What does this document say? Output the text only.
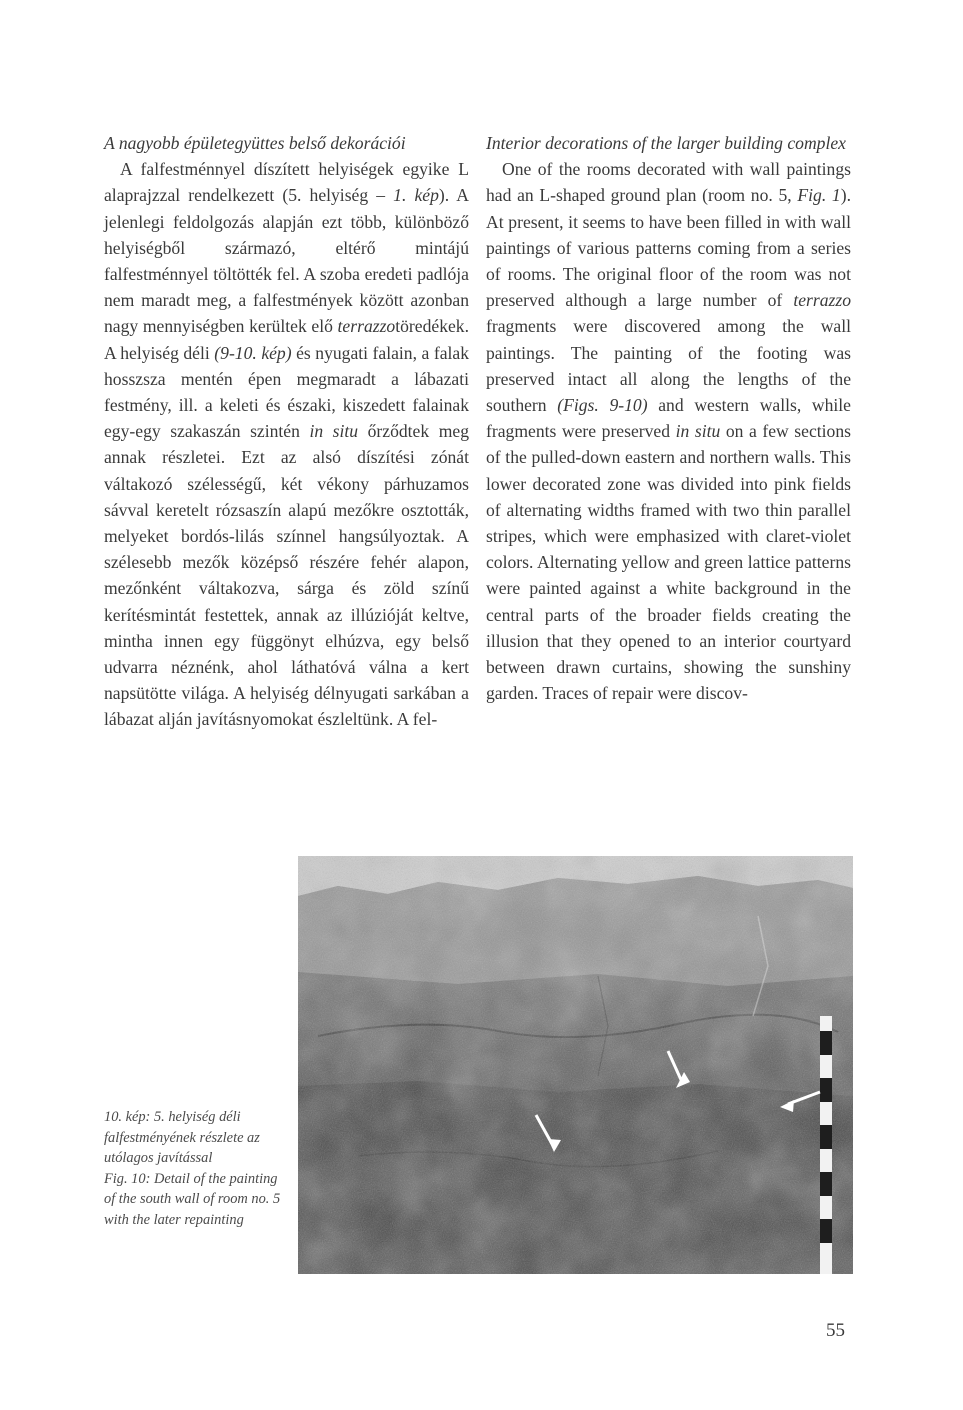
A nagyobb épületegyüttes belső dekorációi

A falfestménnyel díszített helyiségek egyike L alaprajzzal rendelkezett (5. helyiség – 1. kép). A jelenlegi feldolgozás alapján ezt több, különböző helyiségből származó, eltérő mintájú falfestménnyel töltötték fel. A szoba eredeti padlója nem maradt meg, a falfestmények között azonban nagy mennyiségben kerültek elő terrazzotöredékek. A helyiség déli (9-10. kép) és nyugati falain, a falak hosszsza mentén épen megmaradt a lábazati festmény, ill. a keleti és északi, kiszedett falainak egy-egy szakaszán szintén in situ őrződtek meg annak részletei. Ezt az alsó díszítési zónát váltakozó szélességű, két vékony párhuzamos sávval keretelt rózsaszín alapú mezőkre osztották, melyeket bordós-lilás színnel hangsúlyoztak. A szélesebb mezők középső részére fehér alapon, mezőnként váltakozva, sárga és zöld színű kerítésmintát festettek, annak az illúzióját keltve, mintha innen egy függönyt elhúzva, egy belső udvarra néznénk, ahol láthatóvá válna a kert napsütötte világa. A helyiség délnyugati sarkában a lábazat alján javításnyomokat észleltünk. A fel-

Interior decorations of the larger building complex

One of the rooms decorated with wall paintings had an L-shaped ground plan (room no. 5, Fig. 1). At present, it seems to have been filled in with wall paintings of various patterns coming from a series of rooms. The original floor of the room was not preserved although a large number of terrazzo fragments were discovered among the wall paintings. The painting of the footing was preserved intact all along the lengths of the southern (Figs. 9-10) and western walls, while fragments were preserved in situ on a few sections of the pulled-down eastern and northern walls. This lower decorated zone was divided into pink fields of alternating widths framed with two thin parallel stripes, which were emphasized with claret-violet colors. Alternating yellow and green lattice patterns were painted against a white background in the central parts of the broader fields creating the illusion that they opened to an interior courtyard between drawn curtains, showing the sunshiny garden. Traces of repair were discov-

10. kép: 5. helyiség déli falfestményének részlete az utólagos javítással

Fig. 10: Detail of the painting of the south wall of room no. 5 with the later repainting

55
